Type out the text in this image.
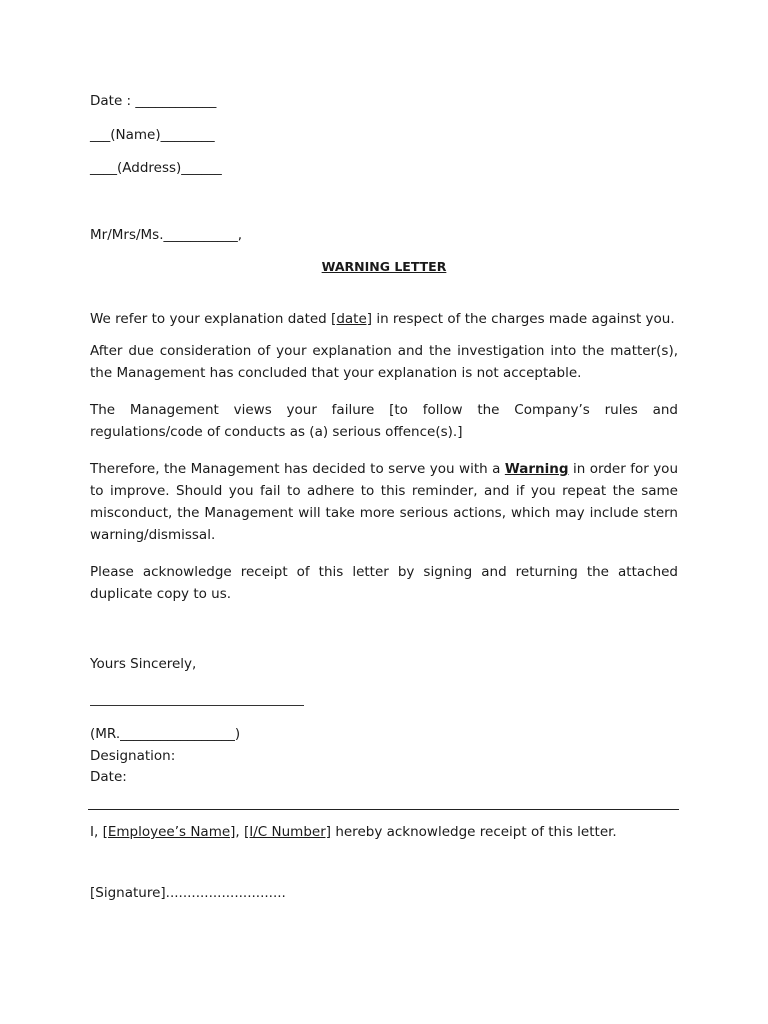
Date : ____________
___(Name)________
____(Address)______
Mr/Mrs/Ms.___________,
WARNING LETTER
We refer to your explanation dated [date] in respect of the charges made against you.
After due consideration of your explanation and the investigation into the matter(s), the Management has concluded that your explanation is not acceptable.
The Management views your failure [to follow the Company’s rules and regulations/code of conducts as (a) serious offence(s).]
Therefore, the Management has decided to serve you with a Warning in order for you to improve. Should you fail to adhere to this reminder, and if you repeat the same misconduct, the Management will take more serious actions, which may include stern warning/dismissal.
Please acknowledge receipt of this letter by signing and returning the attached duplicate copy to us.
Yours Sincerely,
(MR._________________)
Designation:
Date:
I, [Employee’s Name], [I/C Number] hereby acknowledge receipt of this letter.
[Signature]............................
